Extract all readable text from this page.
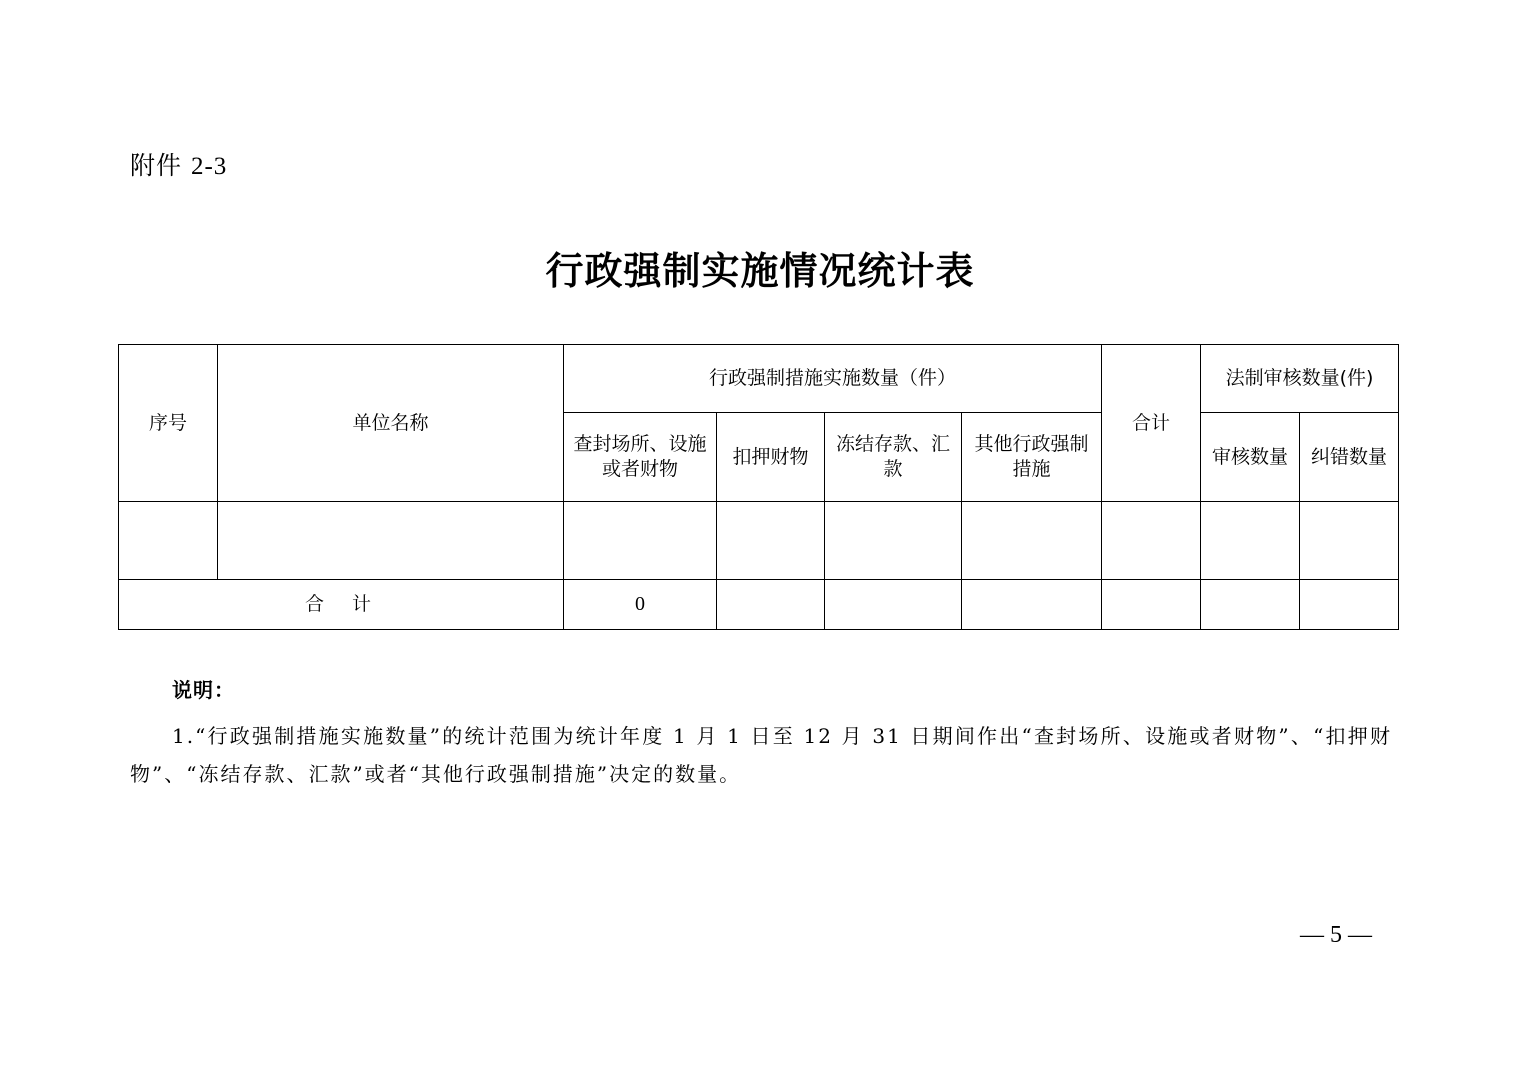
附件 2-3
行政强制实施情况统计表
序号	单位名称	行政强制措施实施数量（件）				合计	法制审核数量(件)	
		查封场所、设施或者财物	扣押财物	冻结存款、汇款	其他行政强制措施		审核数量	纠错数量

合计		0						
说明：

1.“行政强制措施实施数量”的统计范围为统计年度 1 月 1 日至 12 月 31 日期间作出“查封场所、设施或者财物”、“扣押财物”、“冻结存款、汇款”或者“其他行政强制措施”决定的数量。

— 5 —
